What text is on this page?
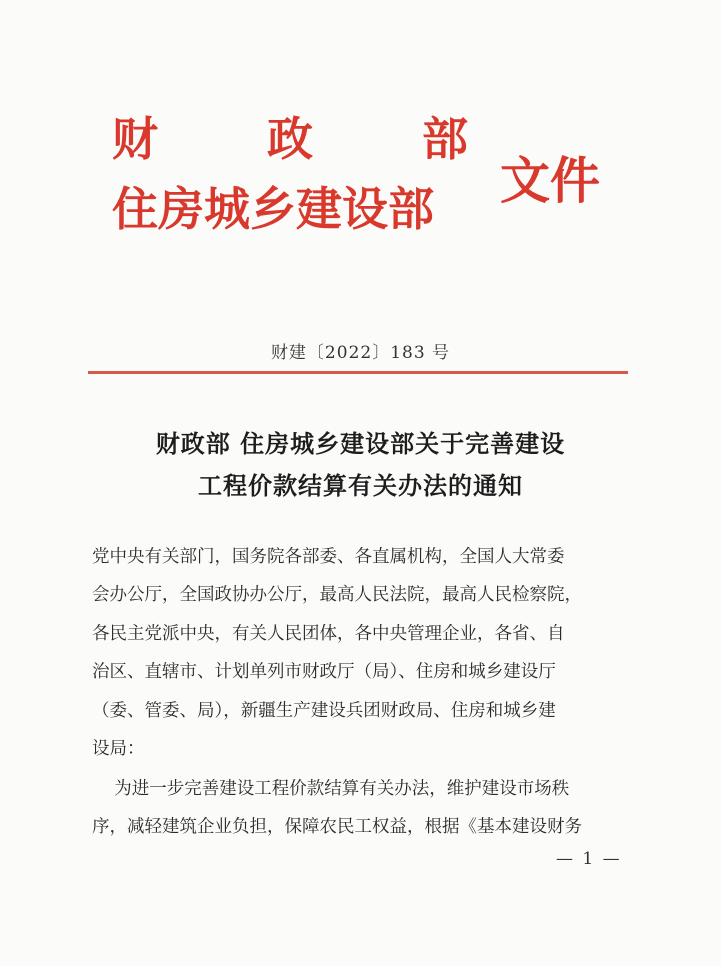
财 政 部
住房城乡建设部 文件
财建〔2022〕183 号
财政部 住房城乡建设部关于完善建设
工程价款结算有关办法的通知
党中央有关部门，国务院各部委、各直属机构，全国人大常委
会办公厅，全国政协办公厅，最高人民法院，最高人民检察院，
各民主党派中央，有关人民团体，各中央管理企业，各省、自
治区、直辖市、计划单列市财政厅（局）、住房和城乡建设厅
（委、管委、局），新疆生产建设兵团财政局、住房和城乡建
设局：
为进一步完善建设工程价款结算有关办法，维护建设市场秩
序，减轻建筑企业负担，保障农民工权益，根据《基本建设财务
— 1 —
